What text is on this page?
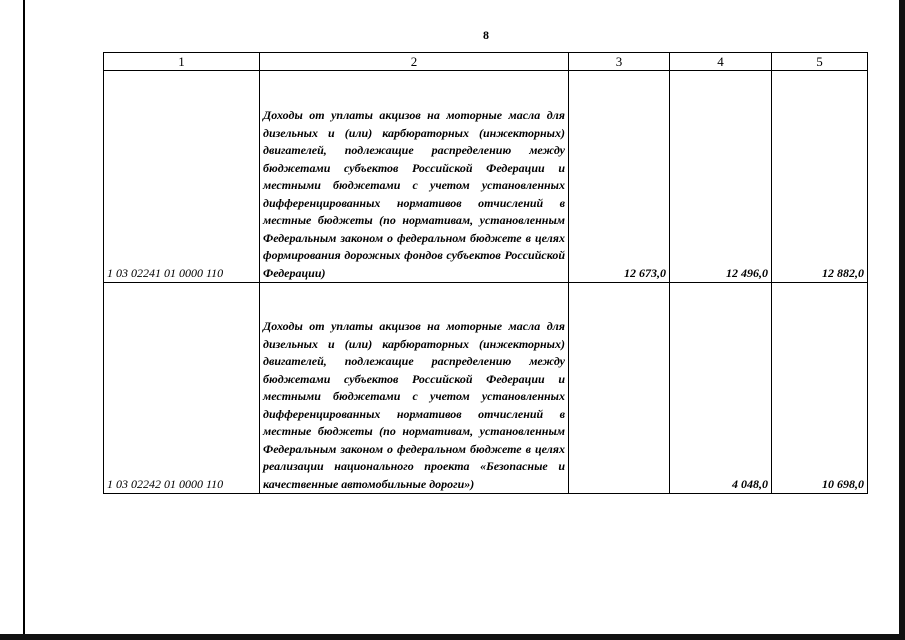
8
1	2	3	4	5
1 03 02241 01 0000 110	Доходы от уплаты акцизов на моторные масла для дизельных и (или) карбюраторных (инжекторных) двигателей, подлежащие распределению между бюджетами субъектов Российской Федерации и местными бюджетами с учетом установленных дифференцированных нормативов отчислений в местные бюджеты (по нормативам, установленным Федеральным законом о федеральном бюджете в целях формирования дорожных фондов субъектов Российской Федерации)	12 673,0	12 496,0	12 882,0
1 03 02242 01 0000 110	Доходы от уплаты акцизов на моторные масла для дизельных и (или) карбюраторных (инжекторных) двигателей, подлежащие распределению между бюджетами субъектов Российской Федерации и местными бюджетами с учетом установленных дифференцированных нормативов отчислений в местные бюджеты (по нормативам, установленным Федеральным законом о федеральном бюджете в целях реализации национального проекта «Безопасные и качественные автомобильные дороги»)		4 048,0	10 698,0
